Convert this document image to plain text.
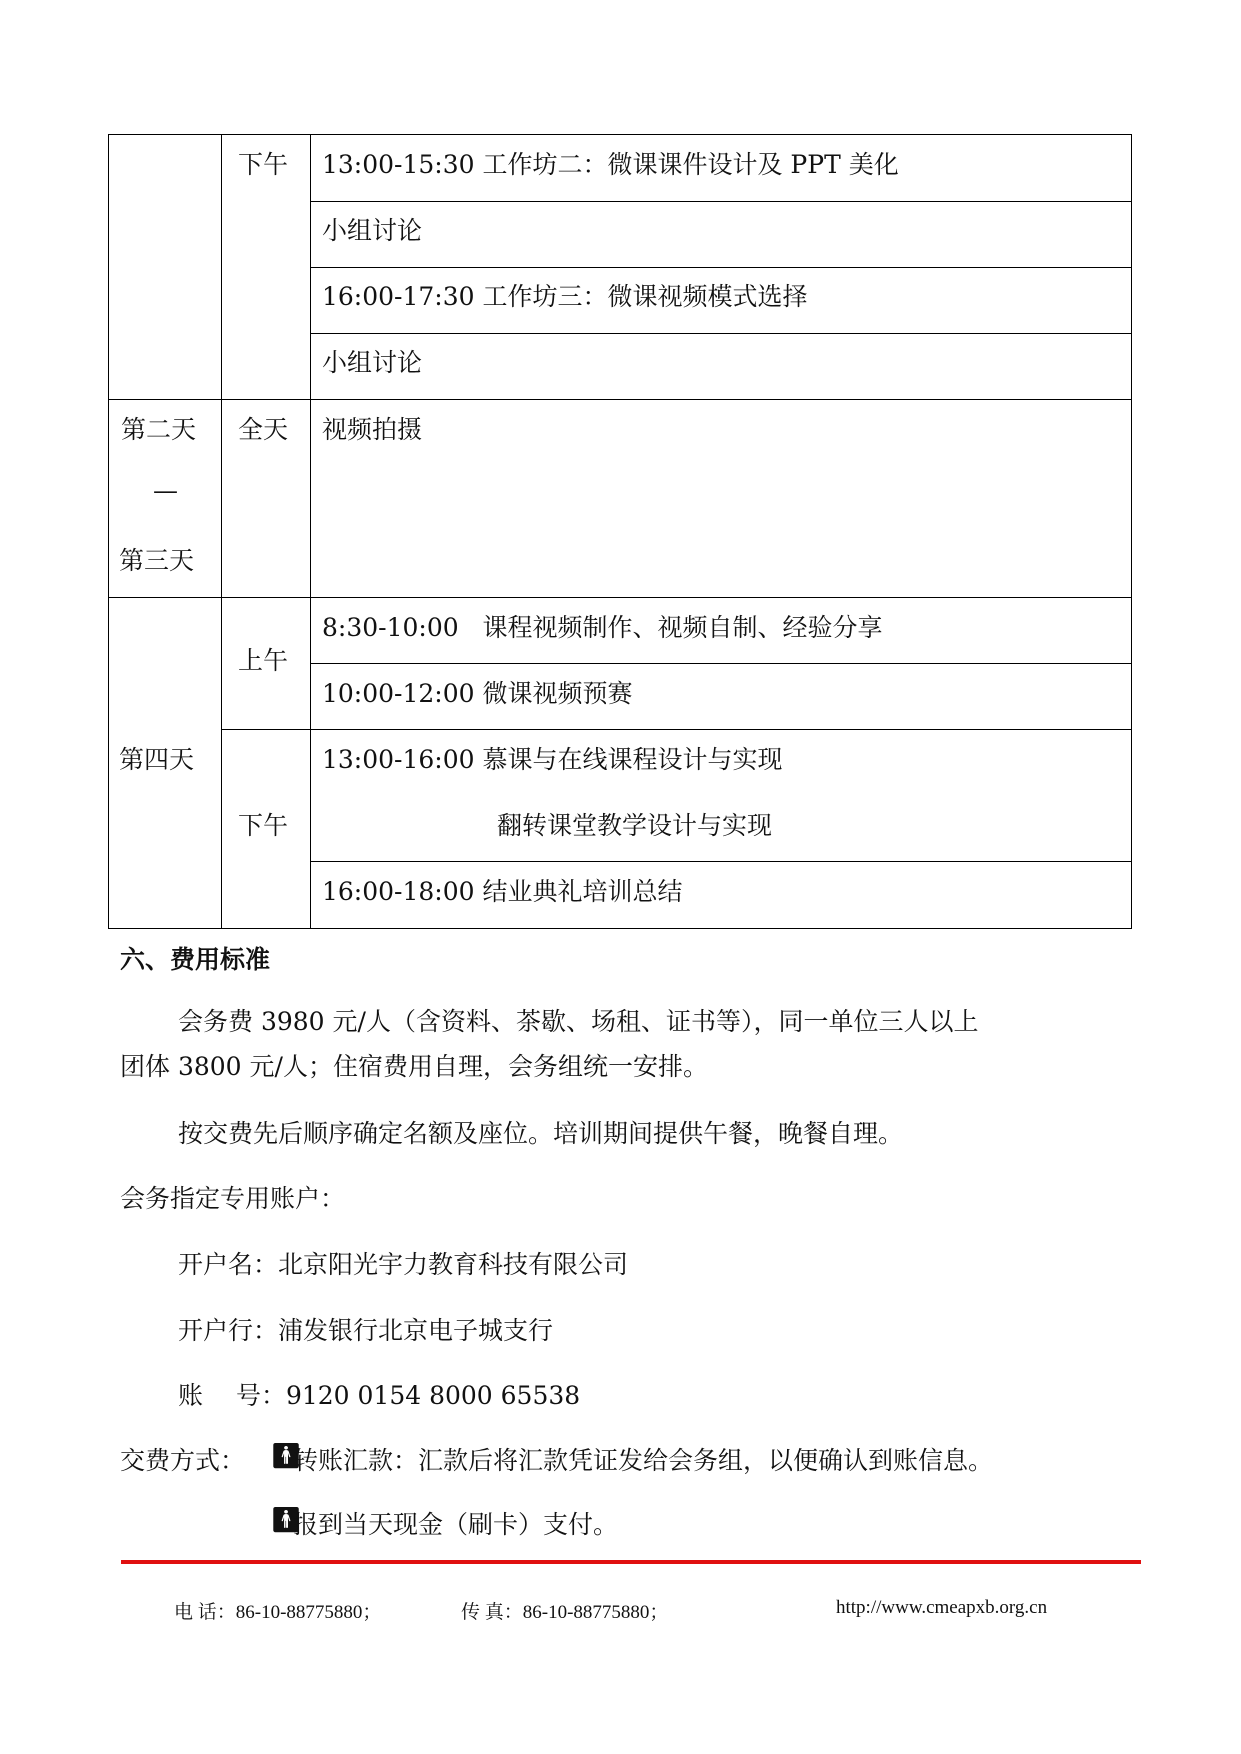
下午 13:00-15:30 工作坊二：微课课件设计及 PPT 美化
小组讨论
16:00-17:30 工作坊三：微课视频模式选择
小组讨论
第二天
—
第三天
全天 视频拍摄
第四天
上午
下午
8:30-10:00   课程视频制作、视频自制、经验分享
10:00-12:00 微课视频预赛
13:00-16:00 慕课与在线课程设计与实现
翻转课堂教学设计与实现
16:00-18:00 结业典礼培训总结
六、费用标准
会务费 3980 元/人（含资料、茶歇、场租、证书等），同一单位三人以上
团体 3800 元/人；住宿费用自理，会务组统一安排。
按交费先后顺序确定名额及座位。培训期间提供午餐，晚餐自理。
会务指定专用账户：
开户名：北京阳光宇力教育科技有限公司
开户行：浦发银行北京电子城支行
账　 号：9120 0154 8000 65538
交费方式： 🚹︎
转账汇款：汇款后将汇款凭证发给会务组，以便确认到账信息。
🚹︎
报到当天现金（刷卡）支付。
电 话：86-10-88775880；	传 真：86-10-88775880；	http://www.cmeapxb.org.cn
